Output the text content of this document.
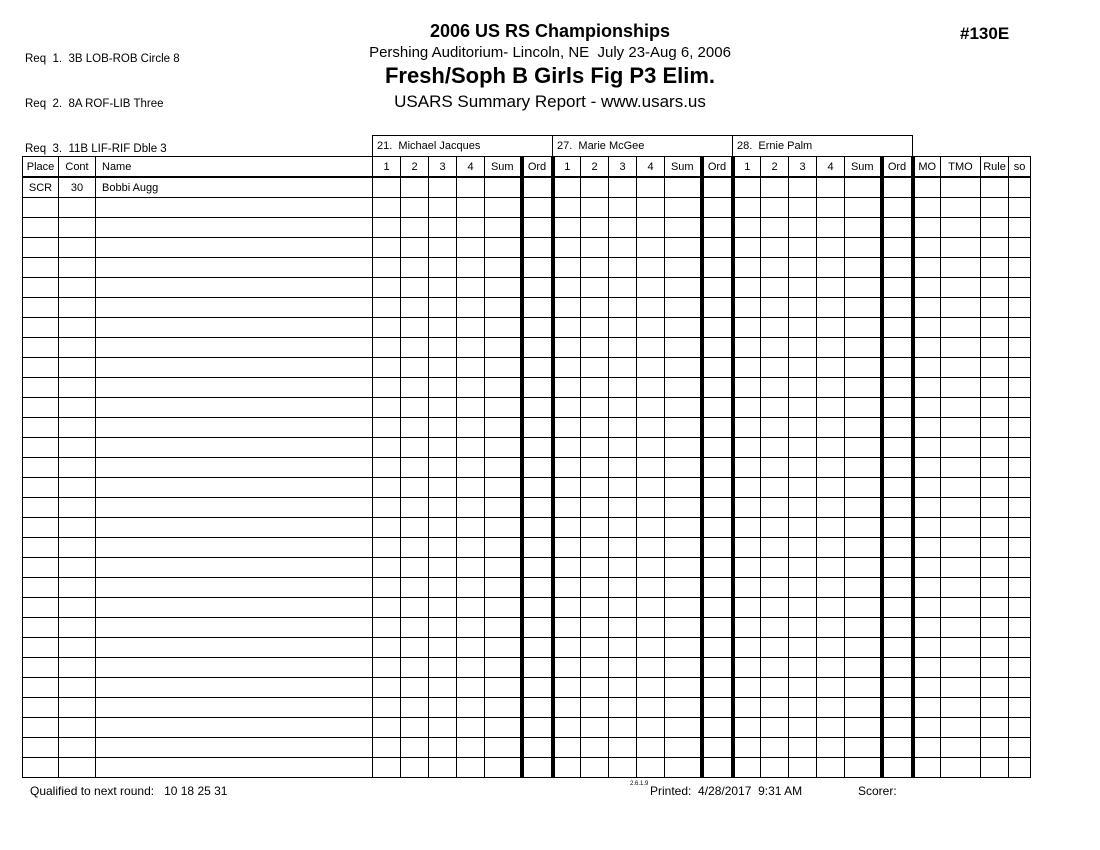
Req  1.  3B LOB-ROB Circle 8

Req  2.  8A ROF-LIB Three

Req  3.  11B LIF-RIF Dble 3

2006 US RS Championships
Pershing Auditorium- Lincoln, NE  July 23-Aug 6, 2006
Fresh/Soph B Girls Fig P3 Elim.
USARS Summary Report - www.usars.us
#130E
			21.  Michael Jacques						27.  Marie McGee						28.  Ernie Palm									
Place	Cont	Name	1	2	3	4	Sum	Ord	1	2	3	4	Sum	Ord	1	2	3	4	Sum	Ord	MO	TMO	Rule	so
SCR	30	Bobbi Augg																						

Qualified to next round:   10 18 25 31	2.6.1.9 Printed:  4/28/2017  9:31 AM	Scorer:
